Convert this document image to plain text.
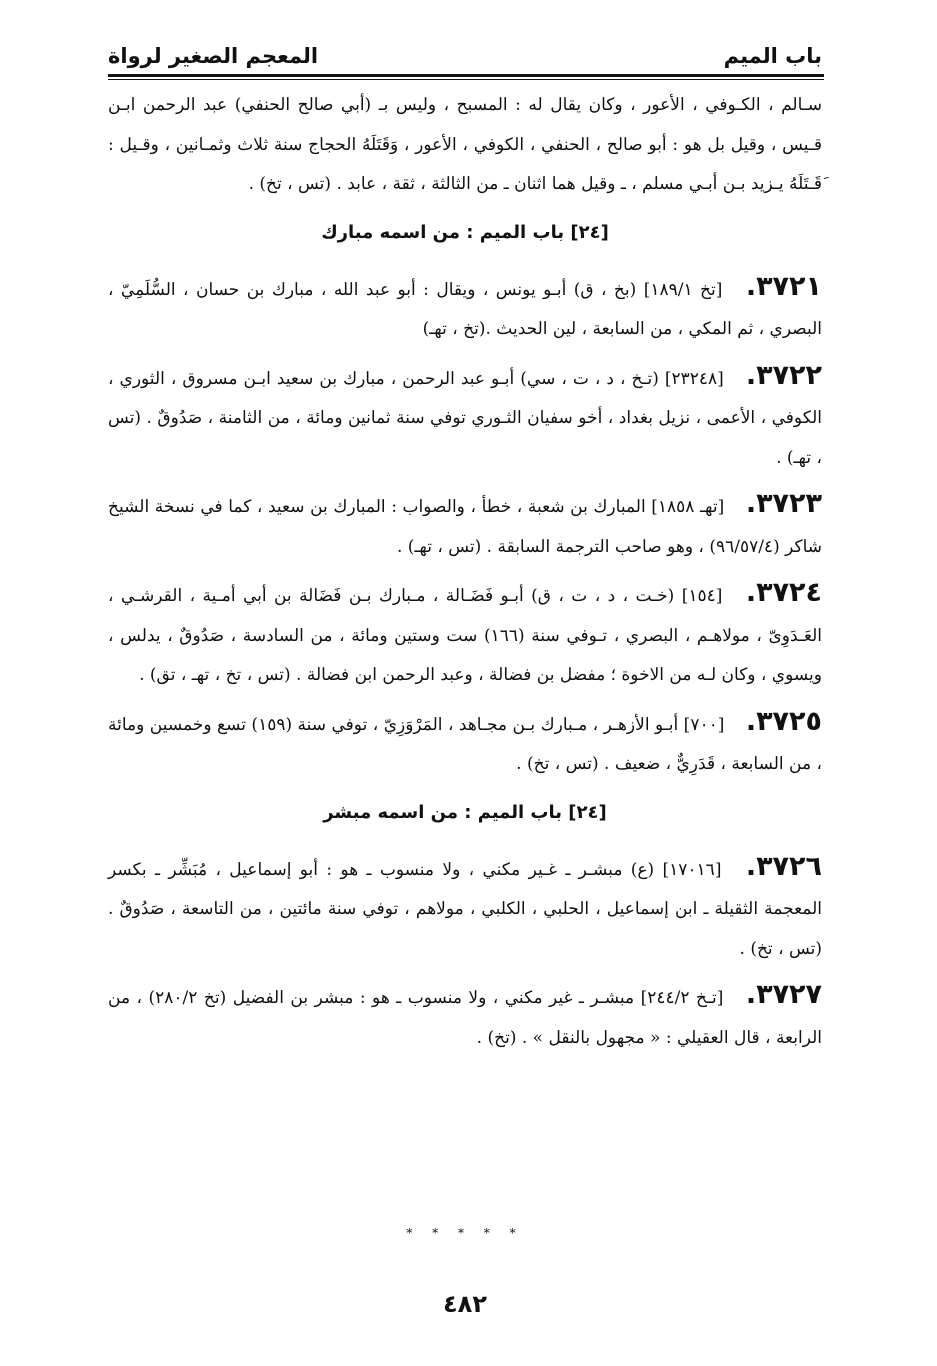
باب الميم
المعجم الصغير لرواة

سـالم ، الكـوفي ، الأعور ، وكان يقال له : المسبح ، وليس بـ (أبي صالح الحنفي) عبد الرحمن ابـن قـيس ، وقيل بل هو : أبو صالح ، الحنفي ، الكوفي ، الأعور ، وَقَتَلَهُ الحجاج سنة ثلاث وثمـانين ، وقـيل : َقَـتَلَهُ يـزيد بـن أبـي مسلم ، ـ وقيل هما اثنان ـ من الثالثة ، ثقة ، عابد . (تس ، تخ) .

[٢٤] باب الميم : من اسمه مبارك

٣٧٢١. [تخ ١٨٩/١] (بخ ، ق) أبـو يونس ، ويقال : أبو عبد الله ، مبارك بن حسان ، السُّلَمِيّ ، البصري ، ثم المكي ، من السابعة ، لين الحديث .(تخ ، تهـ)

٣٧٢٢. [٢٣٢٤٨] (تـخ ، د ، ت ، سي) أبـو عبد الرحمن ، مبارك بن سعيد ابـن مسروق ، الثوري ، الكوفي ، الأعمى ، نزيل بغداد ، أخو سفيان الثـوري توفي سنة ثمانين ومائة ، من الثامنة ، صَدُوقٌ . (تس ، تهـ) .

٣٧٢٣. [تهـ ١٨٥٨] المبارك بن شعبة ، خطأ ، والصواب : المبارك بن سعيد ، كما في نسخة الشيخ شاكر (٩٦/٥٧/٤) ، وهو صاحب الترجمة السابقة . (تس ، تهـ) .

٣٧٢٤. [١٥٤] (خـت ، د ، ت ، ق) أبـو فَضَـالة ، مـبارك بـن فَضَالة بن أبي أمـية ، القرشـي ، العَـدَوِىّ ، مولاهـم ، البصري ، تـوفي سنة (١٦٦) ست وستين ومائة ، من السادسة ، صَدُوقٌ ، يدلس ، ويسوي ، وكان لـه من الاخوة ؛ مفضل بن فضالة ، وعبد الرحمن ابن فضالة . (تس ، تخ ، تهـ ، تق) .

٣٧٢٥. [٧٠٠] أبـو الأزهـر ، مـبارك بـن مجـاهد ، المَرْوَزِيّ ، توفي سنة (١٥٩) تسع وخمسين ومائة ، من السابعة ، قَدَرِيٌّ ، ضعيف . (تس ، تخ) .

[٢٤] باب الميم : من اسمه مبشر

٣٧٢٦. [١٧٠١٦] (ع) مبشـر ـ غـير مكني ، ولا منسوب ـ هو : أبو إسماعيل ، مُبَشِّر ـ بكسر المعجمة الثقيلة ـ ابن إسماعيل ، الحلبي ، الكلبي ، مولاهم ، توفي سنة مائتين ، من التاسعة ، صَدُوقٌ . (تس ، تخ) .

٣٧٢٧. [تـخ ٢٤٤/٢] مبشـر ـ غير مكني ، ولا منسوب ـ هو : مبشر بن الفضيل (تخ ٢٨٠/٢) ، من الرابعة ، قال العقيلي : « مجهول بالنقل » . (تخ) .

* * * * *
٤٨٢
